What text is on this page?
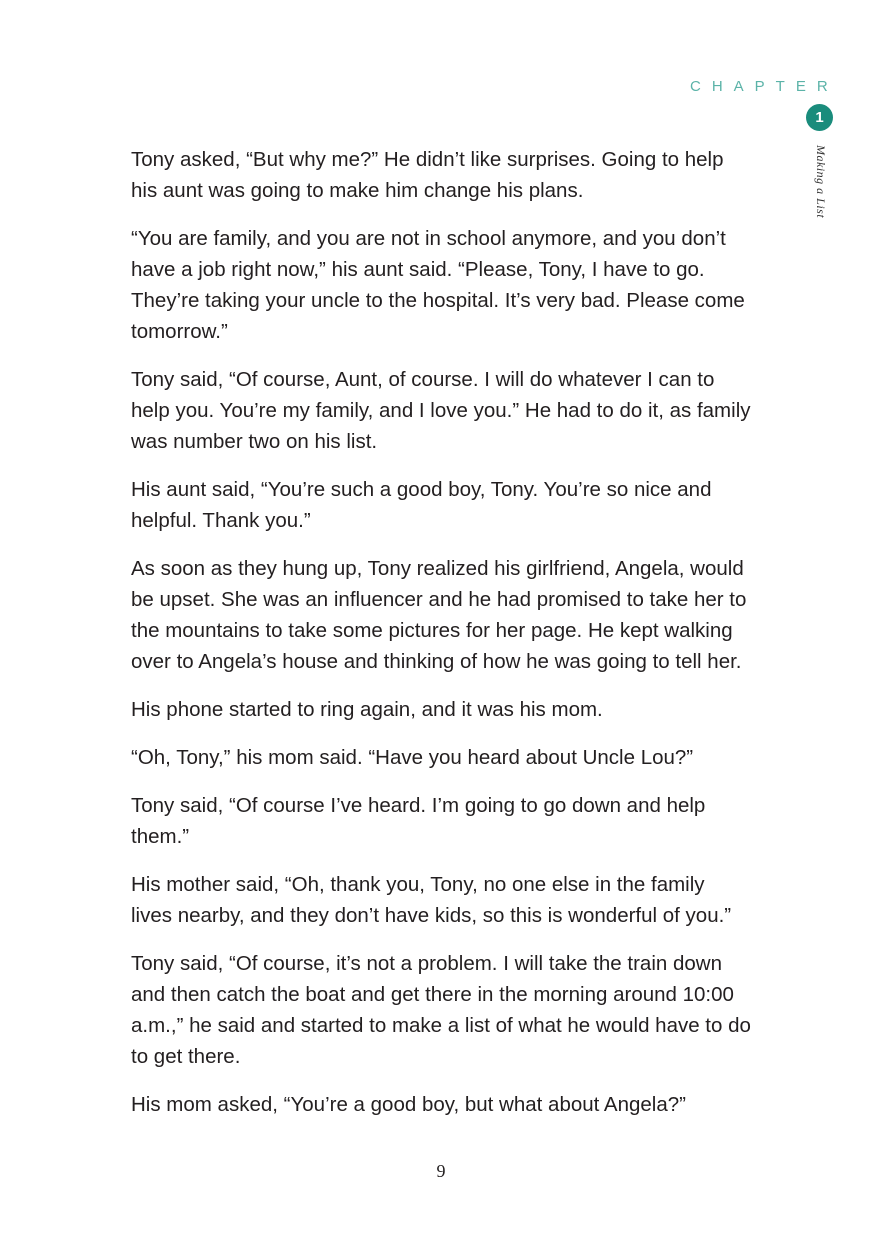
CHAPTER
1
Making a List

Tony asked, “But why me?” He didn’t like surprises. Going to help his aunt was going to make him change his plans.

“You are family, and you are not in school anymore, and you don’t have a job right now,” his aunt said. “Please, Tony, I have to go. They’re taking your uncle to the hospital. It’s very bad. Please come tomorrow.”

Tony said, “Of course, Aunt, of course. I will do whatever I can to help you. You’re my family, and I love you.” He had to do it, as family was number two on his list.

His aunt said, “You’re such a good boy, Tony. You’re so nice and helpful. Thank you.”

As soon as they hung up, Tony realized his girlfriend, Angela, would be upset. She was an influencer and he had promised to take her to the mountains to take some pictures for her page. He kept walking over to Angela’s house and thinking of how he was going to tell her.

His phone started to ring again, and it was his mom.

“Oh, Tony,” his mom said. “Have you heard about Uncle Lou?”

Tony said, “Of course I’ve heard. I’m going to go down and help them.”

His mother said, “Oh, thank you, Tony, no one else in the family lives nearby, and they don’t have kids, so this is wonderful of you.”

Tony said, “Of course, it’s not a problem. I will take the train down and then catch the boat and get there in the morning around 10:00 a.m.,” he said and started to make a list of what he would have to do to get there.

His mom asked, “You’re a good boy, but what about Angela?”

9
